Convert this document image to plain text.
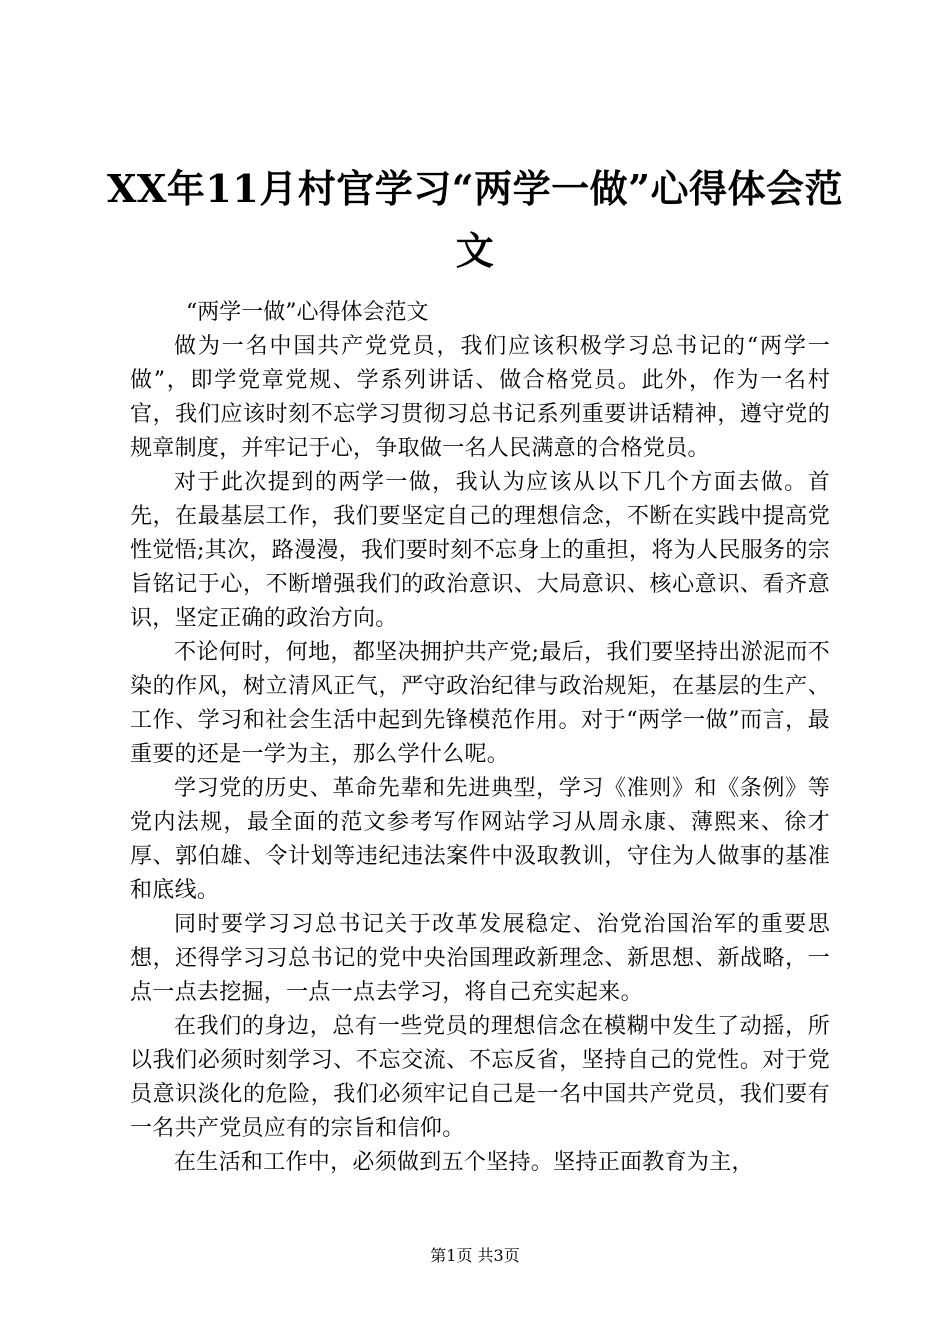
XX年11月村官学习“两学一做”心得体会范文
“两学一做”心得体会范文

做为一名中国共产党党员，我们应该积极学习总书记的“两学一做”，即学党章党规、学系列讲话、做合格党员。此外，作为一名村官，我们应该时刻不忘学习贯彻习总书记系列重要讲话精神，遵守党的规章制度，并牢记于心，争取做一名人民满意的合格党员。

对于此次提到的两学一做，我认为应该从以下几个方面去做。首先，在最基层工作，我们要坚定自己的理想信念，不断在实践中提高党性觉悟;其次，路漫漫，我们要时刻不忘身上的重担，将为人民服务的宗旨铭记于心，不断增强我们的政治意识、大局意识、核心意识、看齐意识，坚定正确的政治方向。

不论何时，何地，都坚决拥护共产党;最后，我们要坚持出淤泥而不染的作风，树立清风正气，严守政治纪律与政治规矩，在基层的生产、工作、学习和社会生活中起到先锋模范作用。对于“两学一做”而言，最重要的还是一学为主，那么学什么呢。

学习党的历史、革命先辈和先进典型，学习《准则》和《条例》等党内法规，最全面的范文参考写作网站学习从周永康、薄熙来、徐才厚、郭伯雄、令计划等违纪违法案件中汲取教训，守住为人做事的基准和底线。

同时要学习习总书记关于改革发展稳定、治党治国治军的重要思想，还得学习习总书记的党中央治国理政新理念、新思想、新战略，一点一点去挖掘，一点一点去学习，将自己充实起来。

在我们的身边，总有一些党员的理想信念在模糊中发生了动摇，所以我们必须时刻学习、不忘交流、不忘反省，坚持自己的党性。对于党员意识淡化的危险，我们必须牢记自己是一名中国共产党员，我们要有一名共产党员应有的宗旨和信仰。

在生活和工作中，必须做到五个坚持。坚持正面教育为主，

第1页 共3页
